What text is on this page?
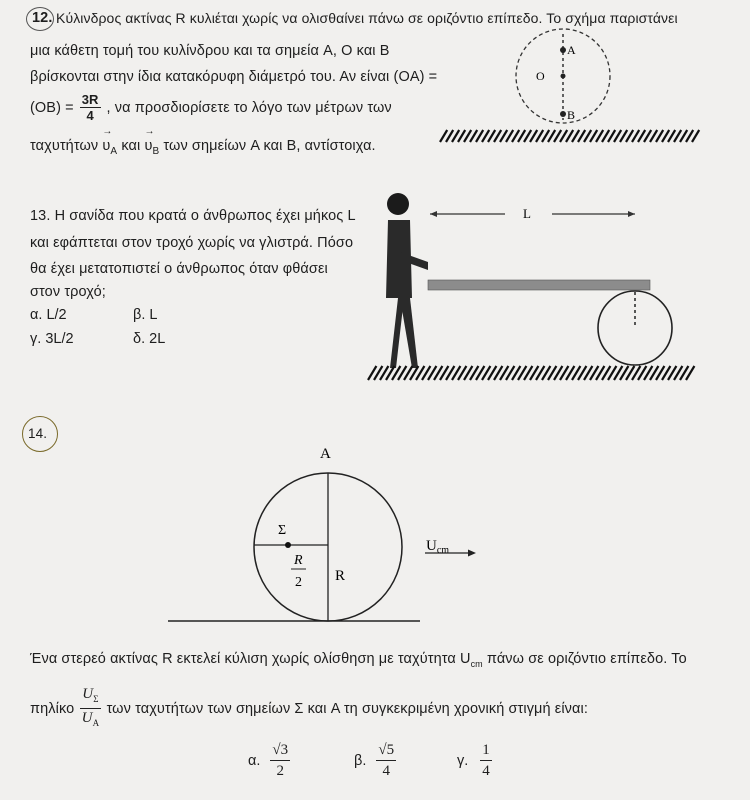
12. Κύλινδρος ακτίνας R κυλιέται χωρίς να ολισθαίνει πάνω σε οριζόντιο επίπεδο. Το σχήμα παριστάνει
μια κάθετη τομή του κυλίνδρου και τα σημεία A, O και B
βρίσκονται στην ίδια κατακόρυφη διάμετρό του. Αν είναι (OA) =
$(OB) = \frac{3R}{4}$ , να προσδιορίσετε το λόγο των μέτρων των
$\tau\alpha\chi\upsilon\tau ή\tau\omega\nu \to \upsilon_A$ $\kappa\alpha\iota \to \upsilon_B$ των σημείων A και B, αντίστοιχα.
A
O
B
13. Η σανίδα που κρατά ο άνθρωπος έχει μήκος L
και εφάπτεται στον τροχό χωρίς να γλιστρά. Πόσο
θα έχει μετατοπιστεί ο άνθρωπος όταν φθάσει
στον τροχό;
α. L/2	β. L
γ. 3L/2	δ. 2L
L
14.
A
Σ
R
2 R
$U_{cm}$
Ένα στερεό ακτίνας R εκτελεί κύλιση χωρίς ολίσθηση με ταχύτητα $U_{cm}$ πάνω σε οριζόντιο επίπεδο. Το
πηλίκο $\frac{U_\Sigma}{U_A}$ των ταχυτήτων των σημείων Σ και A τη συγκεκριμένη χρονική στιγμή είναι:
α. $\frac{√3}{2}$	β. $\frac{√5}{4}$	γ. $\frac{1}{4}$
